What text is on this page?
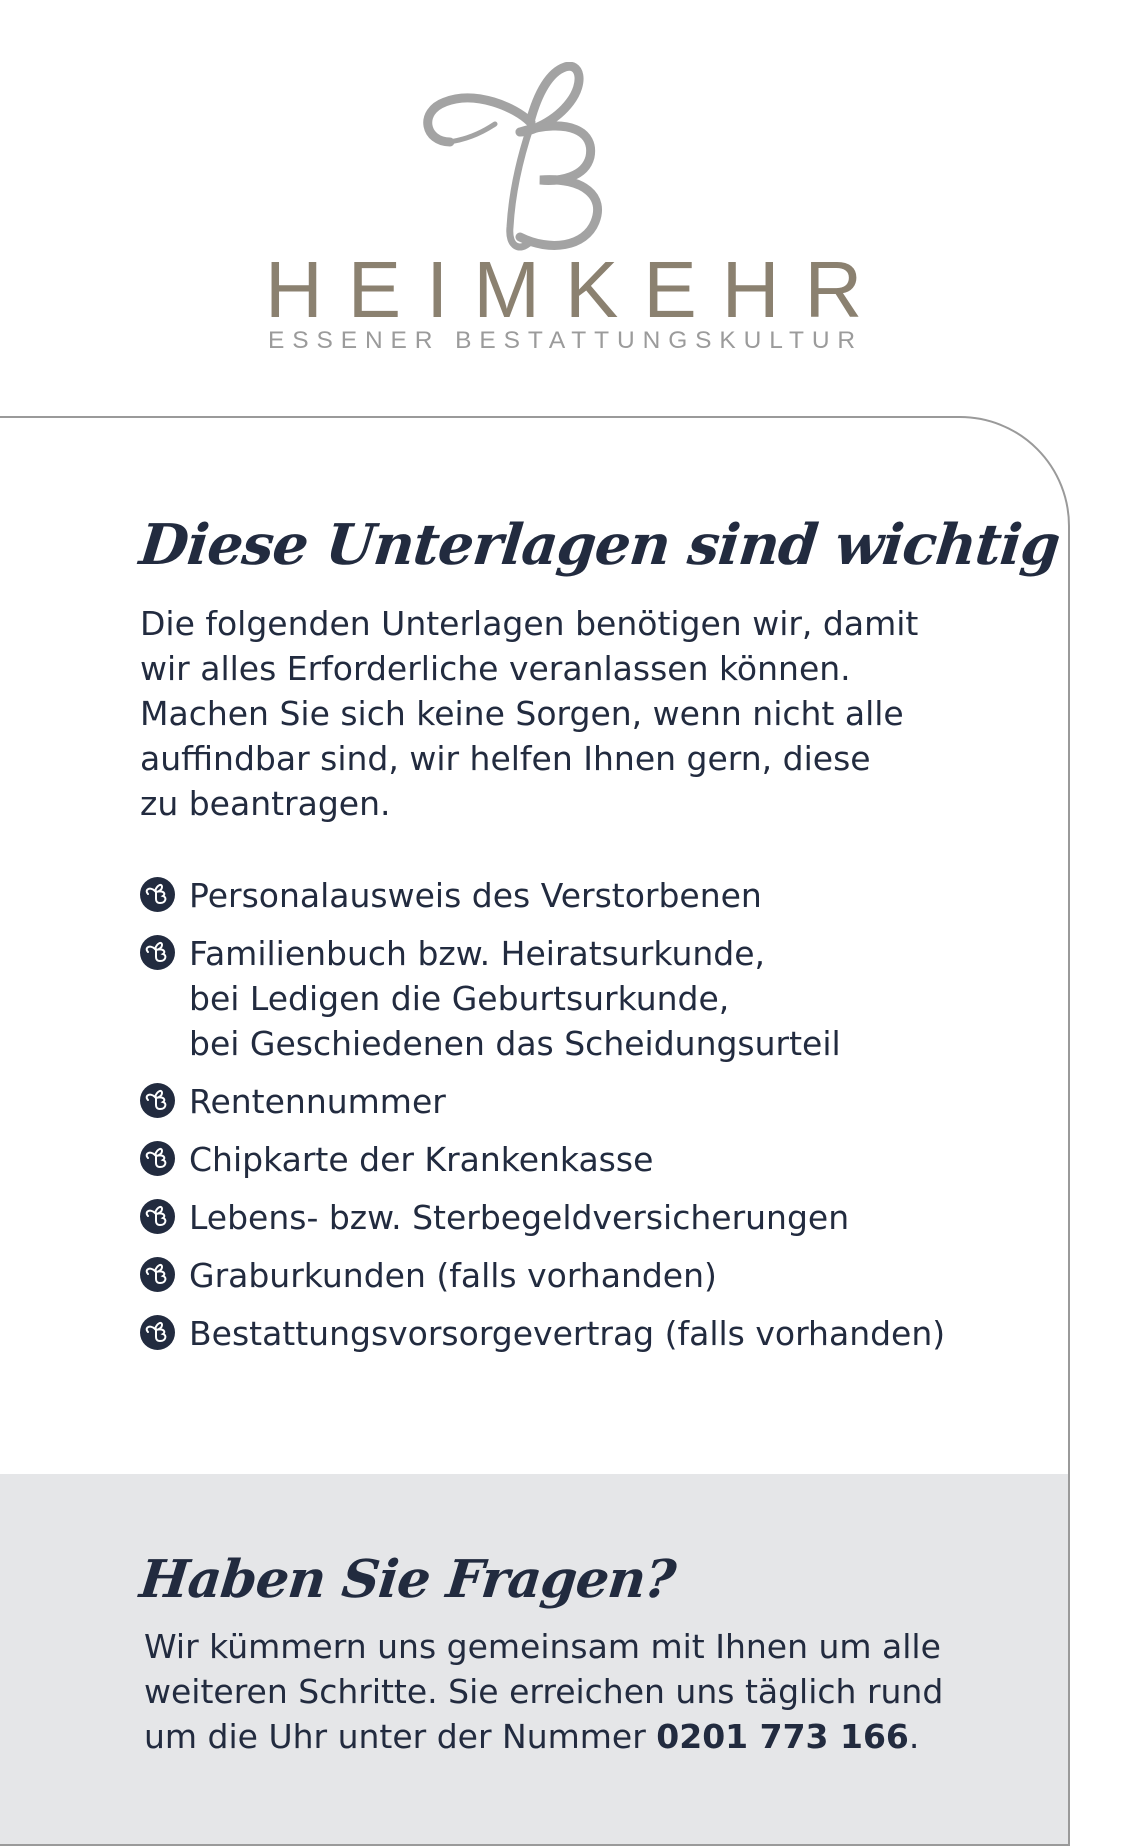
HEIMKEHR
ESSENER BESTATTUNGSKULTUR
Diese Unterlagen sind wichtig

Die folgenden Unterlagen benötigen wir, damit
wir alles Erforderliche veranlassen können.
Machen Sie sich keine Sorgen, wenn nicht alle
auffindbar sind, wir helfen Ihnen gern, diese
zu beantragen.

Personalausweis des Verstorbenen
Familienbuch bzw. Heiratsurkunde,
bei Ledigen die Geburtsurkunde,
bei Geschiedenen das Scheidungsurteil
Rentennummer
Chipkarte der Krankenkasse
Lebens- bzw. Sterbegeldversicherungen
Graburkunden (falls vorhanden)
Bestattungsvorsorgevertrag (falls vorhanden)
Haben Sie Fragen?

Wir kümmern uns gemeinsam mit Ihnen um alle
weiteren Schritte. Sie erreichen uns täglich rund
um die Uhr unter der Nummer 0201 773 166.
